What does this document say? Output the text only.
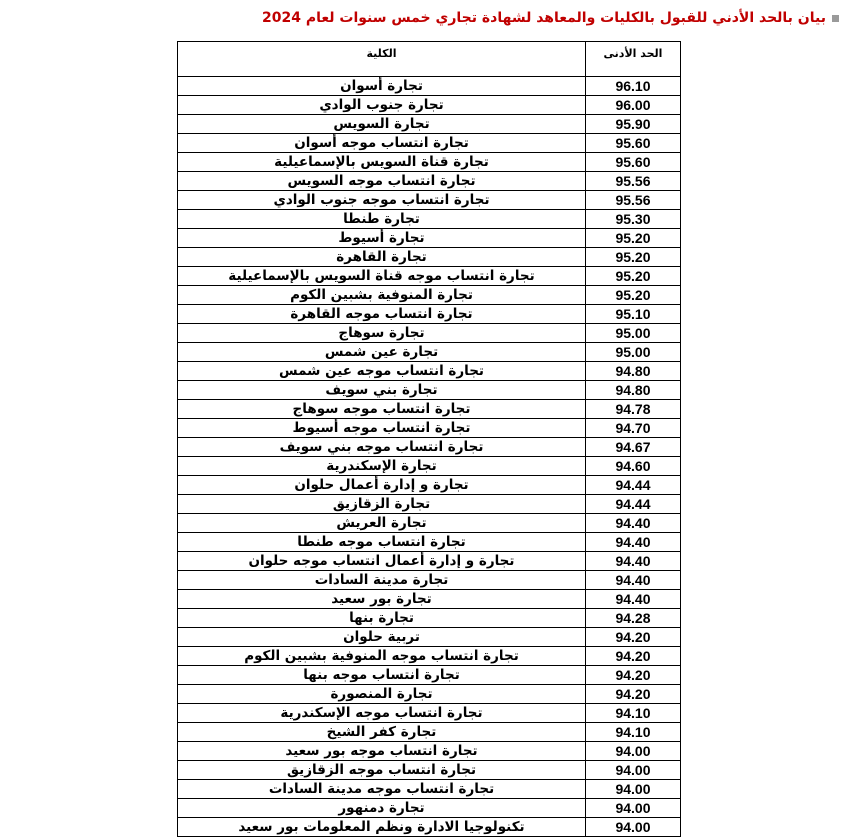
بيان بالحد الأدني للقبول بالكليات والمعاهد لشهادة تجاري خمس سنوات لعام 2024
الحد الأدنى	الكلية
96.10	تجارة أسوان
96.00	تجارة جنوب الوادي
95.90	تجارة السويس
95.60	تجارة انتساب موجه أسوان
95.60	تجارة قناة السويس بالإسماعيلية
95.56	تجارة انتساب موجه السويس
95.56	تجارة انتساب موجه جنوب الوادي
95.30	تجارة طنطا
95.20	تجارة أسيوط
95.20	تجارة القاهرة
95.20	تجارة انتساب موجه قناة السويس بالإسماعيلية
95.20	تجارة المنوفية بشبين الكوم
95.10	تجارة انتساب موجه القاهرة
95.00	تجارة سوهاج
95.00	تجارة عين شمس
94.80	تجارة انتساب موجه عين شمس
94.80	تجارة بني سويف
94.78	تجارة انتساب موجه سوهاج
94.70	تجارة انتساب موجه أسيوط
94.67	تجارة انتساب موجه بني سويف
94.60	تجارة الإسكندرية
94.44	تجارة و إدارة أعمال حلوان
94.44	تجارة الزقازيق
94.40	تجارة العريش
94.40	تجارة انتساب موجه طنطا
94.40	تجارة و إدارة أعمال انتساب موجه حلوان
94.40	تجارة مدينة السادات
94.40	تجارة بور سعيد
94.28	تجارة بنها
94.20	تربية حلوان
94.20	تجارة انتساب موجه المنوفية بشبين الكوم
94.20	تجارة انتساب موجه بنها
94.20	تجارة المنصورة
94.10	تجارة انتساب موجه الإسكندرية
94.10	تجارة كفر الشيخ
94.00	تجارة انتساب موجه بور سعيد
94.00	تجارة انتساب موجه الزقازيق
94.00	تجارة انتساب موجه مدينة السادات
94.00	تجارة دمنهور
94.00	تكنولوجيا الادارة ونظم المعلومات بور سعيد
